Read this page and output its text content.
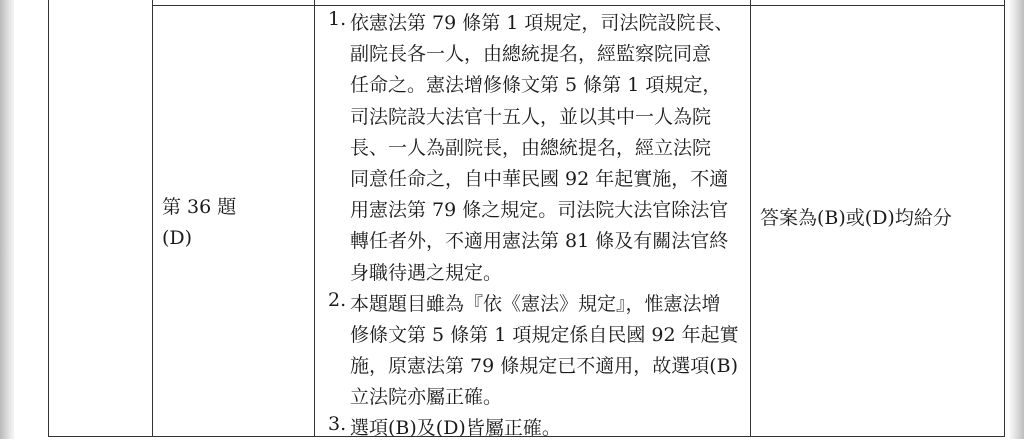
第 36 題
(D)
1. 依憲法第 79 條第 1 項規定，司法院設院長、
副院長各一人，由總統提名，經監察院同意
任命之。憲法增修條文第 5 條第 1 項規定，
司法院設大法官十五人，並以其中一人為院
長、一人為副院長，由總統提名，經立法院
同意任命之，自中華民國 92 年起實施，不適
用憲法第 79 條之規定。司法院大法官除法官
轉任者外，不適用憲法第 81 條及有關法官終
身職待遇之規定。
2. 本題題目雖為『依《憲法》規定』，惟憲法增
修條文第 5 條第 1 項規定係自民國 92 年起實
施，原憲法第 79 條規定已不適用，故選項(B)
立法院亦屬正確。
3. 選項(B)及(D)皆屬正確。
答案為(B)或(D)均給分
